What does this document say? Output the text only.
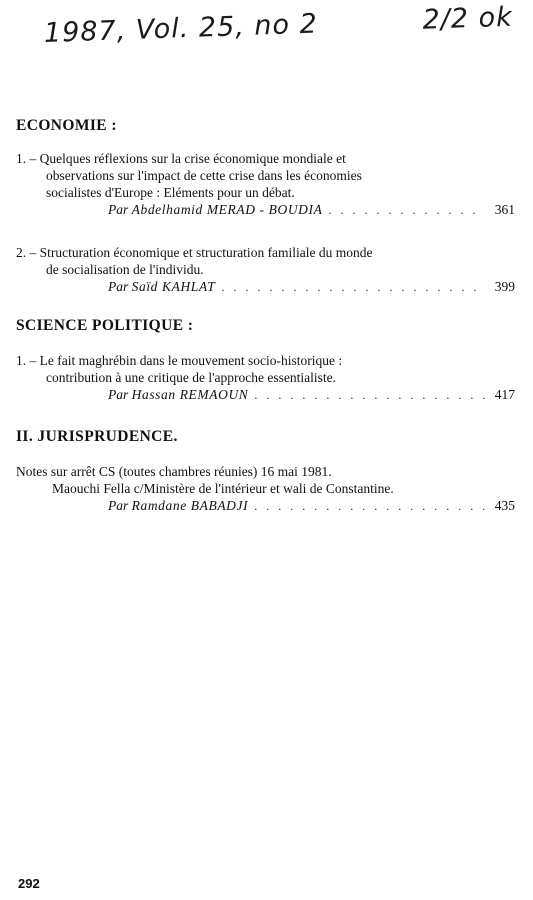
1987, Vol. 25, no 2	2/2 ok
ECONOMIE :
1. – Quelques réflexions sur la crise économique mondiale et
observations sur l'impact de cette crise dans les économies
socialistes d'Europe : Eléments pour un débat.
Par Abdelhamid MERAD - BOUDIA . . .	361
2. – Structuration économique et structuration familiale du monde
de socialisation de l'individu.
Par Saïd KAHLAT . . .	399
SCIENCE POLITIQUE :
1. – Le fait maghrébin dans le mouvement socio-historique :
contribution à une critique de l'approche essentialiste.
Par Hassan REMAOUN . . .	417
II. JURISPRUDENCE.
Notes sur arrêt CS (toutes chambres réunies) 16 mai 1981.
Maouchi Fella c/Ministère de l'intérieur et wali de Constantine.
Par Ramdane BABADJI . . .	435
292
